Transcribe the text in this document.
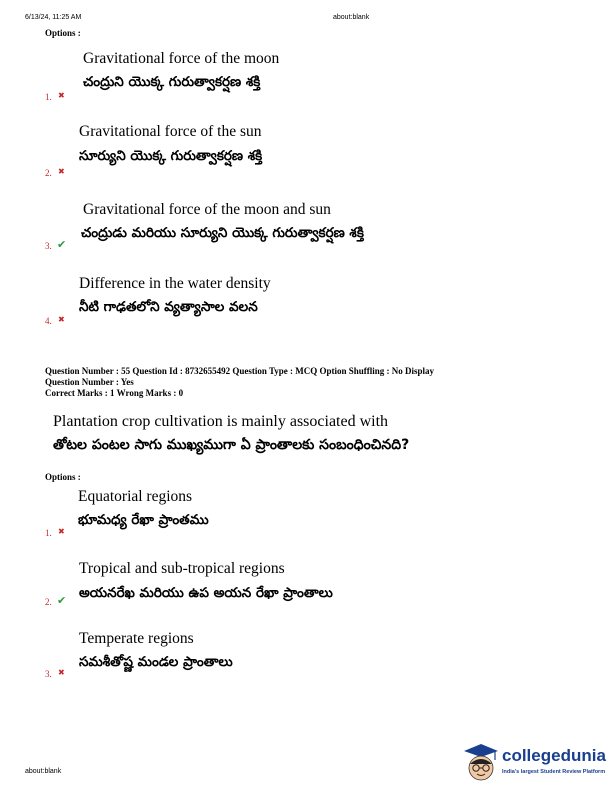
6/13/24, 11:25 AM	about:blank
Options :
Gravitational force of the moon
చంద్రుని యొక్క గురుత్వాకర్షణ శక్తి
1. ✖
Gravitational force of the sun
సూర్యుని యొక్క గురుత్వాకర్షణ శక్తి
2. ✖
Gravitational force of the moon and sun
చంద్రుడు మరియు సూర్యుని యొక్క గురుత్వాకర్షణ శక్తి
3. ✔
Difference in the water density
నీటి గాఢతలోని వ్యత్యాసాల వలన
4. ✖
Question Number : 55 Question Id : 8732655492 Question Type : MCQ Option Shuffling : No Display
Question Number : Yes
Correct Marks : 1 Wrong Marks : 0
Plantation crop cultivation is mainly associated with
తోటల పంటల సాగు ముఖ్యముగా ఏ ప్రాంతాలకు సంబంధించినది?
Options :
Equatorial regions
భూమధ్య రేఖా ప్రాంతము
1. ✖
Tropical and sub-tropical regions
అయనరేఖ మరియు ఉప అయన రేఖా ప్రాంతాలు
2. ✔
Temperate regions
సమశీతోష్ణ మండల ప్రాంతాలు
3. ✖
about:blank
collegedunia
India's largest Student Review Platform
